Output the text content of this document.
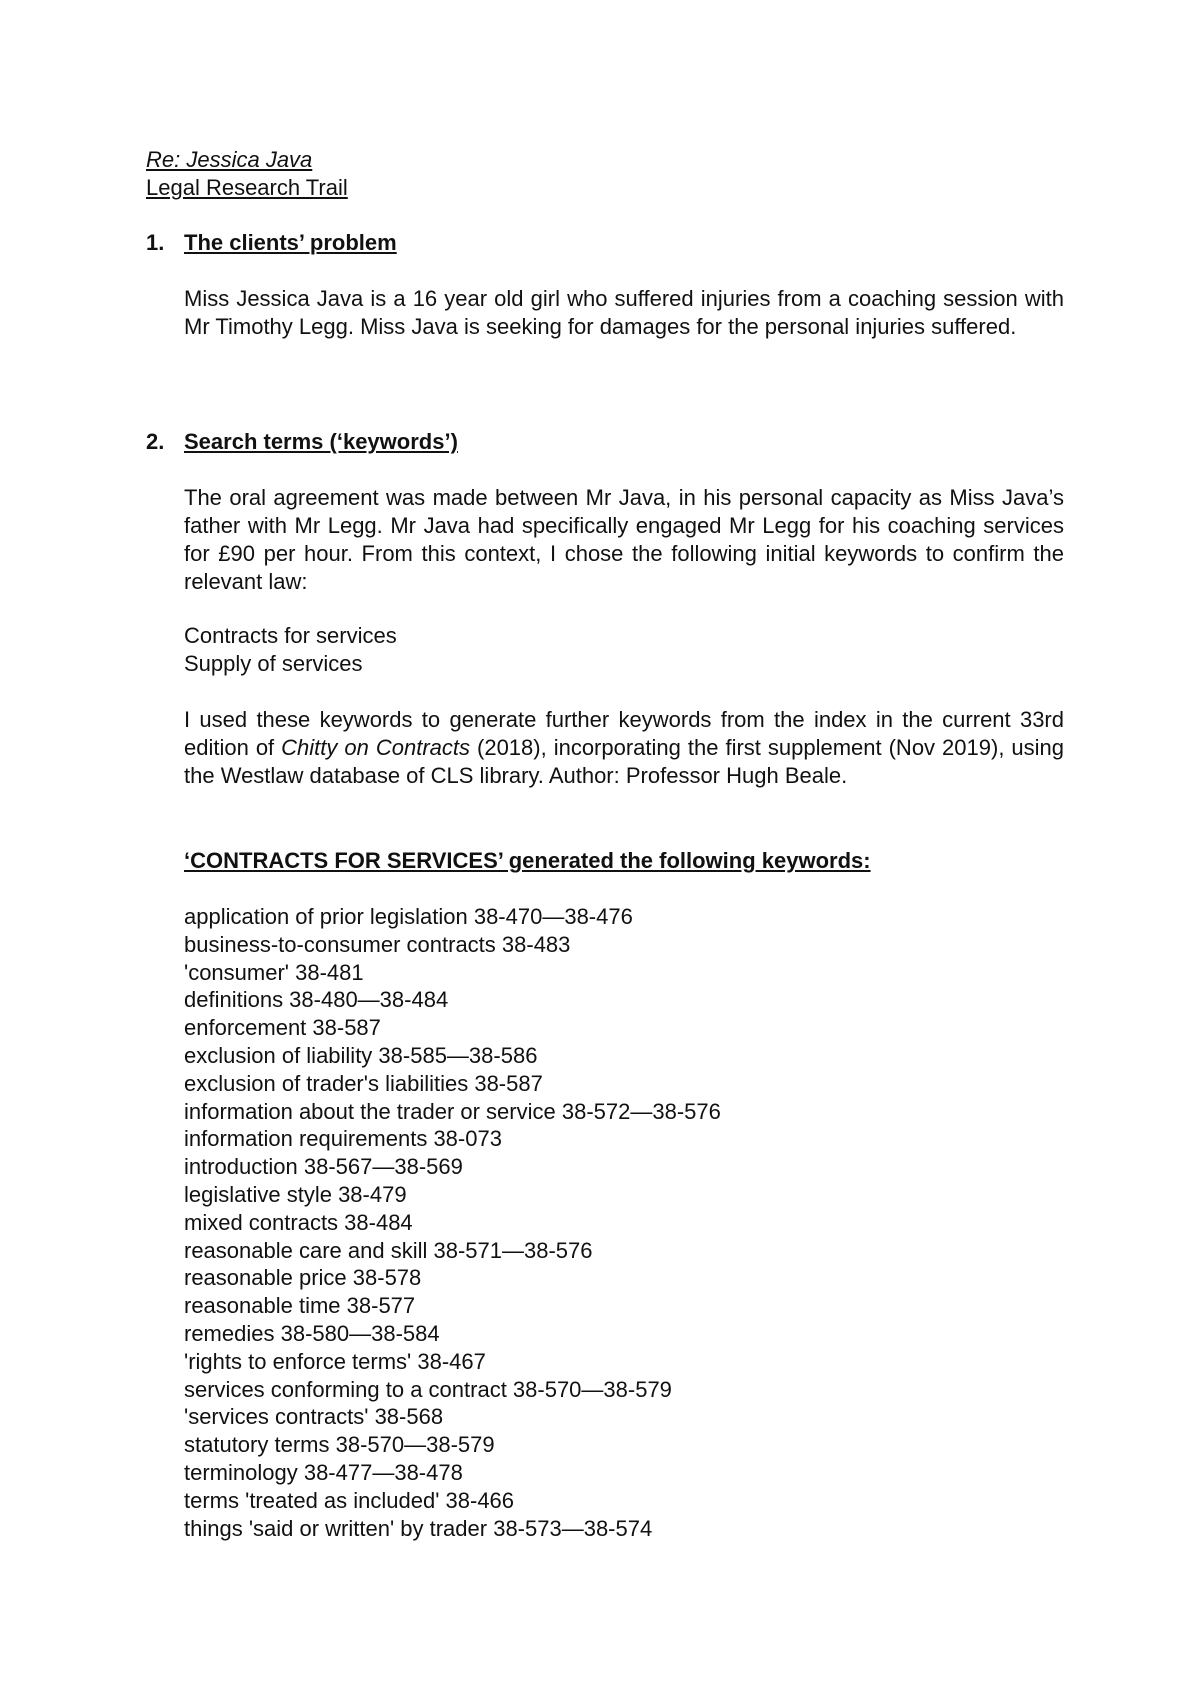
Re: Jessica Java
Legal Research Trail
1. The clients’ problem

Miss Jessica Java is a 16 year old girl who suffered injuries from a coaching session with Mr Timothy Legg. Miss Java is seeking for damages for the personal injuries suffered.

2. Search terms (‘keywords’)

The oral agreement was made between Mr Java, in his personal capacity as Miss Java’s father with Mr Legg. Mr Java had specifically engaged Mr Legg for his coaching services for £90 per hour. From this context, I chose the following initial keywords to confirm the relevant law:

Contracts for services
Supply of services

I used these keywords to generate further keywords from the index in the current 33rd edition of Chitty on Contracts (2018), incorporating the first supplement (Nov 2019), using the Westlaw database of CLS library. Author: Professor Hugh Beale.

‘CONTRACTS FOR SERVICES’ generated the following keywords:
application of prior legislation 38-470—38-476
business-to-consumer contracts 38-483
'consumer' 38-481
definitions 38-480—38-484
enforcement 38-587
exclusion of liability 38-585—38-586
exclusion of trader's liabilities 38-587
information about the trader or service 38-572—38-576
information requirements 38-073
introduction 38-567—38-569
legislative style 38-479
mixed contracts 38-484
reasonable care and skill 38-571—38-576
reasonable price 38-578
reasonable time 38-577
remedies 38-580—38-584
'rights to enforce terms' 38-467
services conforming to a contract 38-570—38-579
'services contracts' 38-568
statutory terms 38-570—38-579
terminology 38-477—38-478
terms 'treated as included' 38-466
things 'said or written' by trader 38-573—38-574
